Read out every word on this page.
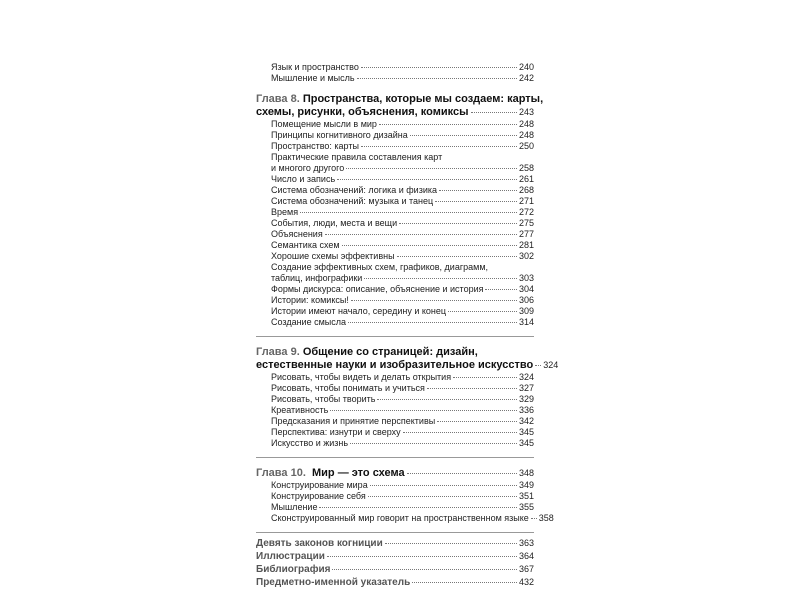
Язык и пространство	240
Мышление и мысль	242
Глава 8. Пространства, которые мы создаем: карты,
схемы, рисунки, объяснения, комиксы	243
Помещение мысли в мир	248
Принципы когнитивного дизайна	248
Пространство: карты	250
Практические правила составления карт
и многого другого	258
Число и запись	261
Система обозначений: логика и физика	268
Система обозначений: музыка и танец	271
Время	272
События, люди, места и вещи	275
Объяснения	277
Семантика схем	281
Хорошие схемы эффективны	302
Создание эффективных схем, графиков, диаграмм,
таблиц, инфографики	303
Формы дискурса: описание, объяснение и история	304
Истории: комиксы!	306
Истории имеют начало, середину и конец	309
Создание смысла	314
Глава 9. Общение со страницей: дизайн,
естественные науки и изобразительное искусство 324
Рисовать, чтобы видеть и делать открытия	324
Рисовать, чтобы понимать и учиться	327
Рисовать, чтобы творить	329
Креативность	336
Предсказания и принятие перспективы	342
Перспектива: изнутри и сверху	345
Искусство и жизнь	345
Глава 10. Мир — это схема	348
Конструирование мира	349
Конструирование себя	351
Мышление	355
Сконструированный мир говорит на пространственном языке 358
Девять законов когниции	363
Иллюстрации	364
Библиография	367
Предметно-именной указатель	432
